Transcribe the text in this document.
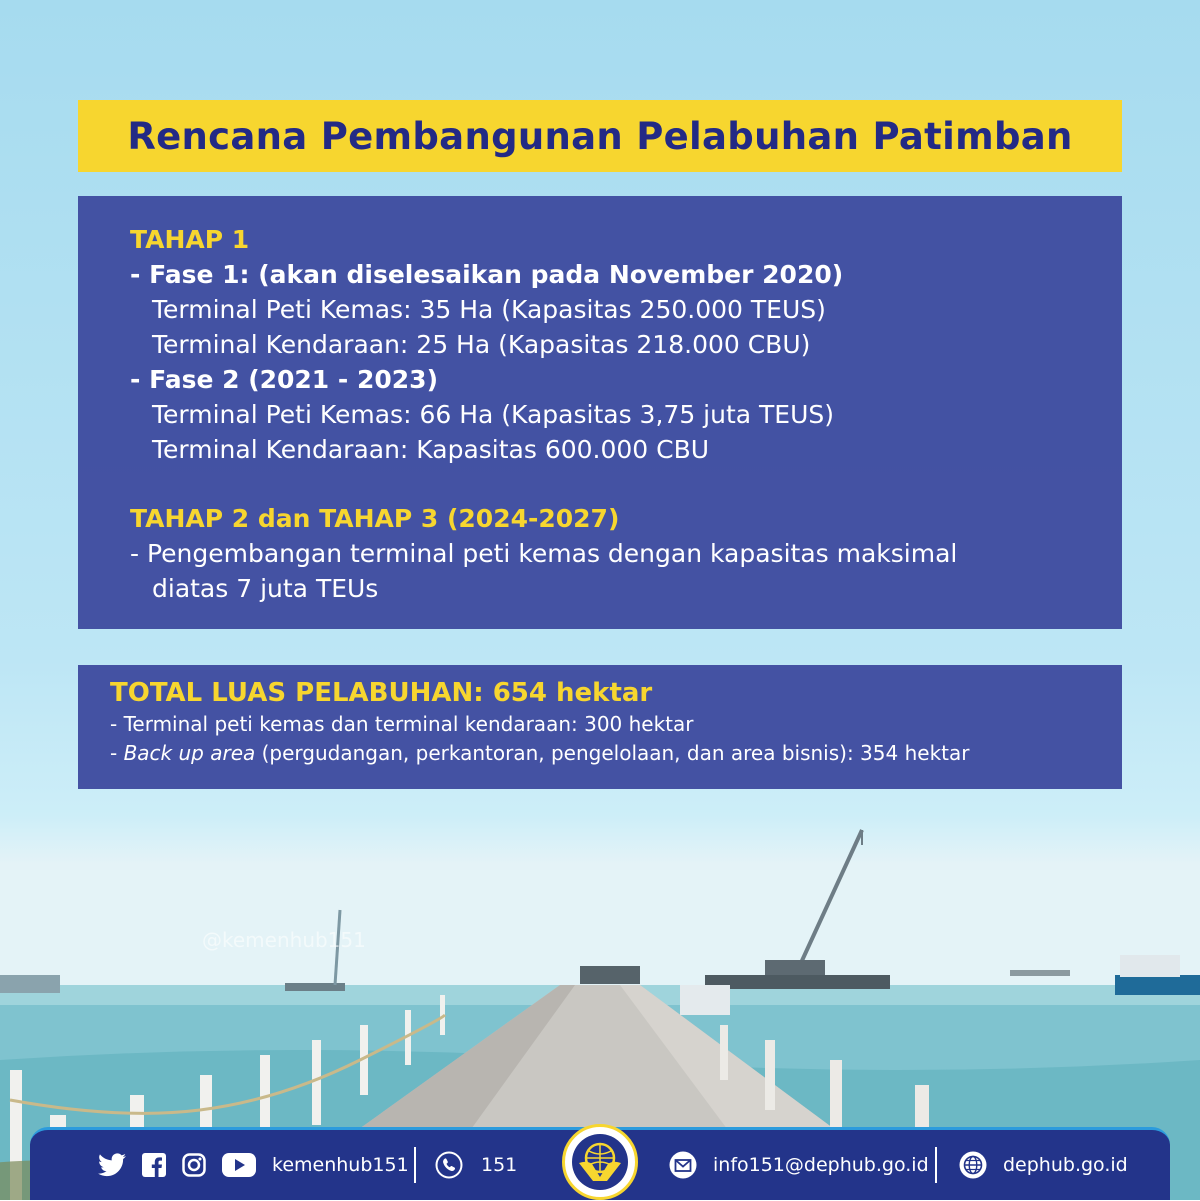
Rencana Pembangunan Pelabuhan Patimban
TAHAP 1
- Fase 1: (akan diselesaikan pada November 2020)
Terminal Peti Kemas: 35 Ha (Kapasitas 250.000 TEUS)
Terminal Kendaraan: 25 Ha (Kapasitas 218.000 CBU)
- Fase 2 (2021 - 2023)
Terminal Peti Kemas: 66 Ha (Kapasitas 3,75 juta TEUS)
Terminal Kendaraan: Kapasitas 600.000 CBU
TAHAP 2 dan TAHAP 3 (2024-2027)
- Pengembangan terminal peti kemas dengan kapasitas maksimal
diatas 7 juta TEUs
TOTAL LUAS PELABUHAN: 654 hektar
- Terminal peti kemas dan terminal kendaraan: 300 hektar
- Back up area (pergudangan, perkantoran, pengelolaan, dan area bisnis): 354 hektar
@kemenhub151
kemenhub151	151	info151@dephub.go.id	dephub.go.id
